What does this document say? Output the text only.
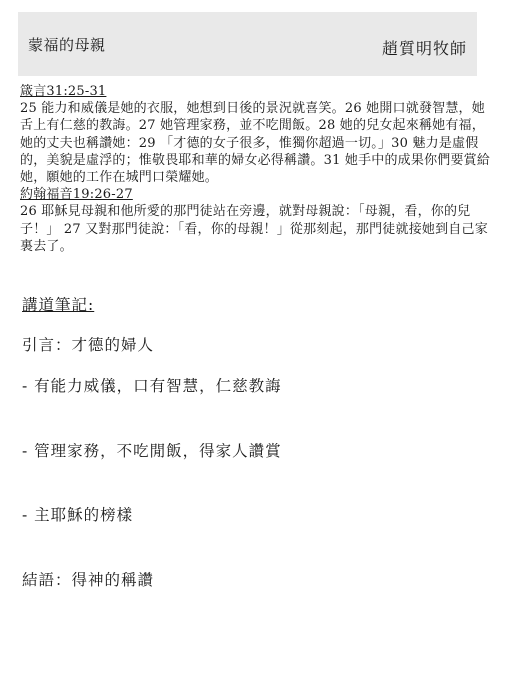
蒙福的母親	趙質明牧師
箴言31:25-31
25 能力和威儀是她的衣服，她想到日後的景況就喜笑。26 她開口就發智慧，她舌上有仁慈的教誨。27 她管理家務，並不吃閒飯。28 她的兒女起來稱她有福，她的丈夫也稱讚她：29 「才德的女子很多，惟獨你超過一切。」30 魅力是虛假的，美貌是虛浮的；惟敬畏耶和華的婦女必得稱讚。31 她手中的成果你們要賞給她，願她的工作在城門口榮耀她。
約翰福音19:26-27
26 耶穌見母親和他所愛的那門徒站在旁邊，就對母親說：「母親，看，你的兒子！」 27 又對那門徒說：「看，你的母親！」從那刻起，那門徒就接她到自己家裏去了。
講道筆記:
引言：才德的婦人
- 有能力威儀，口有智慧，仁慈教誨
- 管理家務，不吃閒飯，得家人讚賞
- 主耶穌的榜樣
結語：得神的稱讚
